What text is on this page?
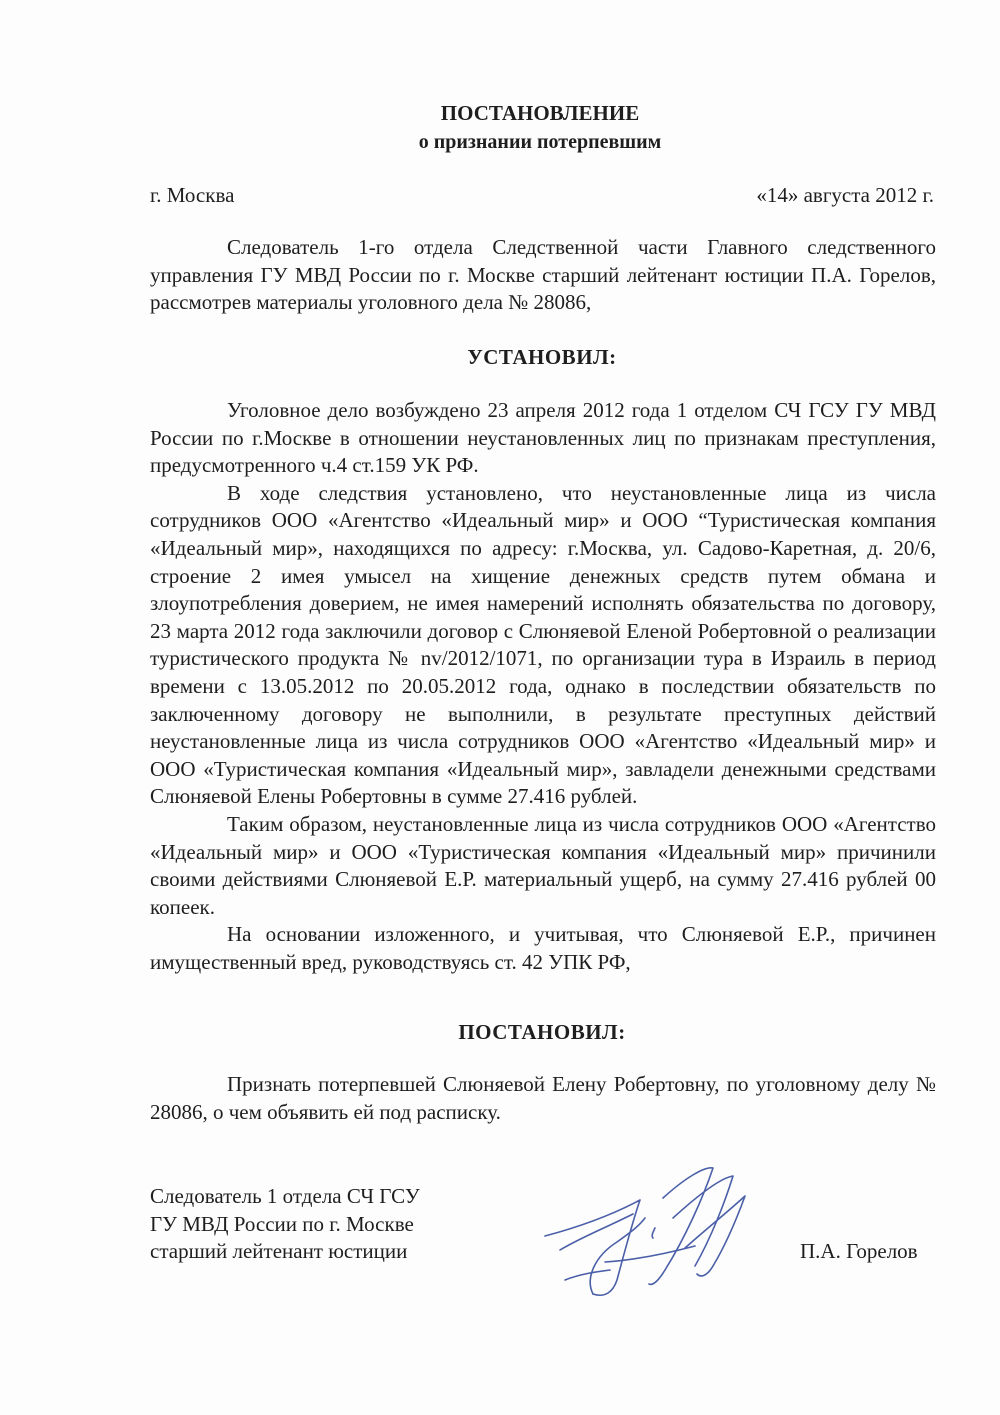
ПОСТАНОВЛЕНИЕ
о признании потерпевшим
г. Москва	«14» августа 2012 г.

Следователь 1-го отдела Следственной части Главного следственного управления ГУ МВД России по г. Москве старший лейтенант юстиции П.А. Горелов, рассмотрев материалы уголовного дела № 28086,

УСТАНОВИЛ:

Уголовное дело возбуждено 23 апреля 2012 года 1 отделом СЧ ГСУ ГУ МВД России по г.Москве в отношении неустановленных лиц по признакам преступления, предусмотренного ч.4 ст.159 УК РФ.

В ходе следствия установлено, что неустановленные лица из числа сотрудников ООО «Агентство «Идеальный мир» и ООО “Туристическая компания «Идеальный мир», находящихся по адресу: г.Москва, ул. Садово-Каретная, д. 20/6, строение 2 имея умысел на хищение денежных средств путем обмана и злоупотребления доверием, не имея намерений исполнять обязательства по договору, 23 марта 2012 года заключили договор с Слюняевой Еленой Робертовной о реализации туристического продукта № nv/2012/1071, по организации тура в Израиль в период времени с 13.05.2012 по 20.05.2012 года, однако в последствии обязательств по заключенному договору не выполнили, в результате преступных действий неустановленные лица из числа сотрудников ООО «Агентство «Идеальный мир» и ООО «Туристическая компания «Идеальный мир», завладели денежными средствами Слюняевой Елены Робертовны в сумме 27.416 рублей.

Таким образом, неустановленные лица из числа сотрудников ООО «Агентство «Идеальный мир» и ООО «Туристическая компания «Идеальный мир» причинили своими действиями Слюняевой Е.Р. материальный ущерб, на сумму 27.416 рублей 00 копеек.

На основании изложенного, и учитывая, что Слюняевой Е.Р., причинен имущественный вред, руководствуясь ст. 42 УПК РФ,

ПОСТАНОВИЛ:

Признать потерпевшей Слюняевой Елену Робертовну, по уголовному делу № 28086, о чем объявить ей под расписку.

Следователь 1 отдела СЧ ГСУ
ГУ МВД России по г. Москве
старший лейтенант юстиции	П.А. Горелов
